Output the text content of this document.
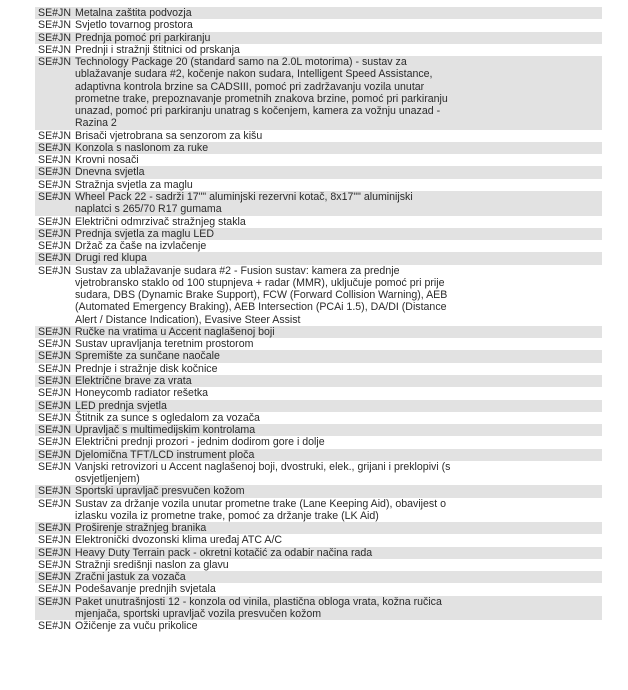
SE#JN Metalna zaštita podvozja
SE#JN Svjetlo tovarnog prostora
SE#JN Prednja pomoć pri parkiranju
SE#JN Prednji i stražnji štitnici od prskanja
SE#JN Technology Package 20 (standard samo na 2.0L motorima) - sustav za ublažavanje sudara #2, kočenje nakon sudara, Intelligent Speed Assistance, adaptivna kontrola brzine sa CADSIII, pomoć pri zadržavanju vozila unutar prometne trake, prepoznavanje prometnih znakova brzine, pomoć pri parkiranju unazad, pomoć pri parkiranju unatrag s kočenjem, kamera za vožnju unazad - Razina 2
SE#JN Brisači vjetrobrana sa senzorom za kišu
SE#JN Konzola s naslonom za ruke
SE#JN Krovni nosači
SE#JN Dnevna svjetla
SE#JN Stražnja svjetla za maglu
SE#JN Wheel Pack 22 - sadrži 17"" aluminjski rezervni kotač, 8x17"" aluminijski naplatci s 265/70 R17 gumama
SE#JN Električni odmrzivač stražnjeg stakla
SE#JN Prednja svjetla za maglu LED
SE#JN Držač za čaše na izvlačenje
SE#JN Drugi red klupa
SE#JN Sustav za ublažavanje sudara #2 - Fusion sustav: kamera za prednje vjetrobransko staklo od 100 stupnjeva + radar (MMR), uključuje pomoć pri prije sudara, DBS (Dynamic Brake Support), FCW (Forward Collision Warning), AEB (Automated Emergency Braking), AEB Intersection (PCAi 1.5), DA/DI (Distance Alert / Distance Indication), Evasive Steer Assist
SE#JN Ručke na vratima u Accent naglašenoj boji
SE#JN Sustav upravljanja teretnim prostorom
SE#JN Spremište za sunčane naočale
SE#JN Prednje i stražnje disk kočnice
SE#JN Električne brave za vrata
SE#JN Honeycomb radiator rešetka
SE#JN LED prednja svjetla
SE#JN Štitnik za sunce s ogledalom za vozača
SE#JN Upravljač s multimedijskim kontrolama
SE#JN Električni prednji prozori - jednim dodirom gore i dolje
SE#JN Djelomična TFT/LCD instrument ploča
SE#JN Vanjski retrovizori u Accent naglašenoj boji, dvostruki, elek., grijani i preklopivi (s osvjetljenjem)
SE#JN Sportski upravljač presvučen kožom
SE#JN Sustav za držanje vozila unutar prometne trake (Lane Keeping Aid), obavijest o izlasku vozila iz prometne trake, pomoć za držanje trake (LK Aid)
SE#JN Proširenje stražnjeg branika
SE#JN Elektronički dvozonski klima uređaj ATC A/C
SE#JN Heavy Duty Terrain pack - okretni kotačić za odabir načina rada
SE#JN Stražnji središnji naslon za glavu
SE#JN Zračni jastuk za vozača
SE#JN Podešavanje prednjih svjetala
SE#JN Paket unutrašnjosti 12 - konzola od vinila, plastična obloga vrata, kožna ručica mjenjača, sportski upravljač vozila presvučen kožom
SE#JN Ožičenje za vuču prikolice
